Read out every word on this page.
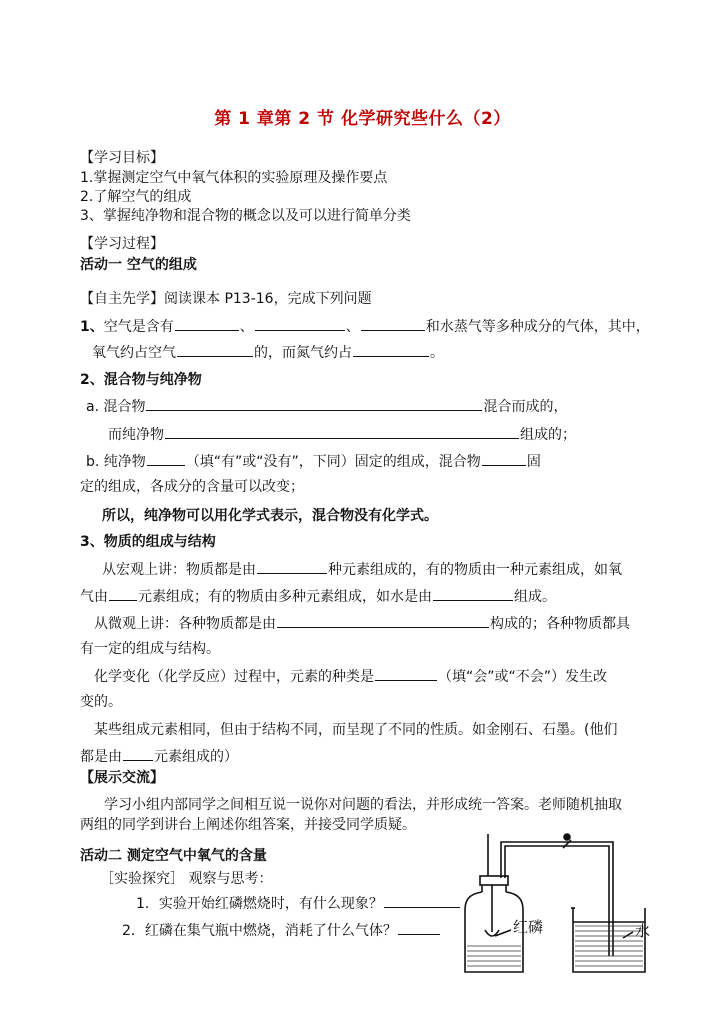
第 1 章第 2 节 化学研究些什么（2）
【学习目标】
1.掌握测定空气中氧气体积的实验原理及操作要点
2.了解空气的组成
3、掌握纯净物和混合物的概念以及可以进行简单分类
【学习过程】
活动一 空气的组成
【自主先学】阅读课本 P13-16，完成下列问题
1、空气是含有	、	、	和水蒸气等多种成分的气体，其中，
氧气约占空气	的，而氮气约占	。
2、混合物与纯净物
a. 混合物	混合而成的，
而纯净物	组成的；
b. 纯净物	（填“有”或“没有”，下同）固定的组成，混合物	固
定的组成，各成分的含量可以改变；
所以，纯净物可以用化学式表示，混合物没有化学式。
3、物质的组成与结构
从宏观上讲：物质都是由	种元素组成的，有的物质由一种元素组成，如氧
气由 元素组成；有的物质由多种元素组成，如水是由	组成。
从微观上讲：各种物质都是由	构成的；各种物质都具
有一定的组成与结构。
化学变化（化学反应）过程中，元素的种类是	（填“会”或“不会”）发生改
变的。
某些组成元素相同，但由于结构不同，而呈现了不同的性质。如金刚石、石墨。(他们
都是由 元素组成的）
【展示交流】
学习小组内部同学之间相互说一说你对问题的看法，并形成统一答案。老师随机抽取
两组的同学到讲台上阐述你组答案，并接受同学质疑。
活动二 测定空气中氧气的含量
［实验探究］ 观察与思考：
1．实验开始红磷燃烧时，有什么现象？
2．红磷在集气瓶中燃烧，消耗了什么气体？	红磷	水
